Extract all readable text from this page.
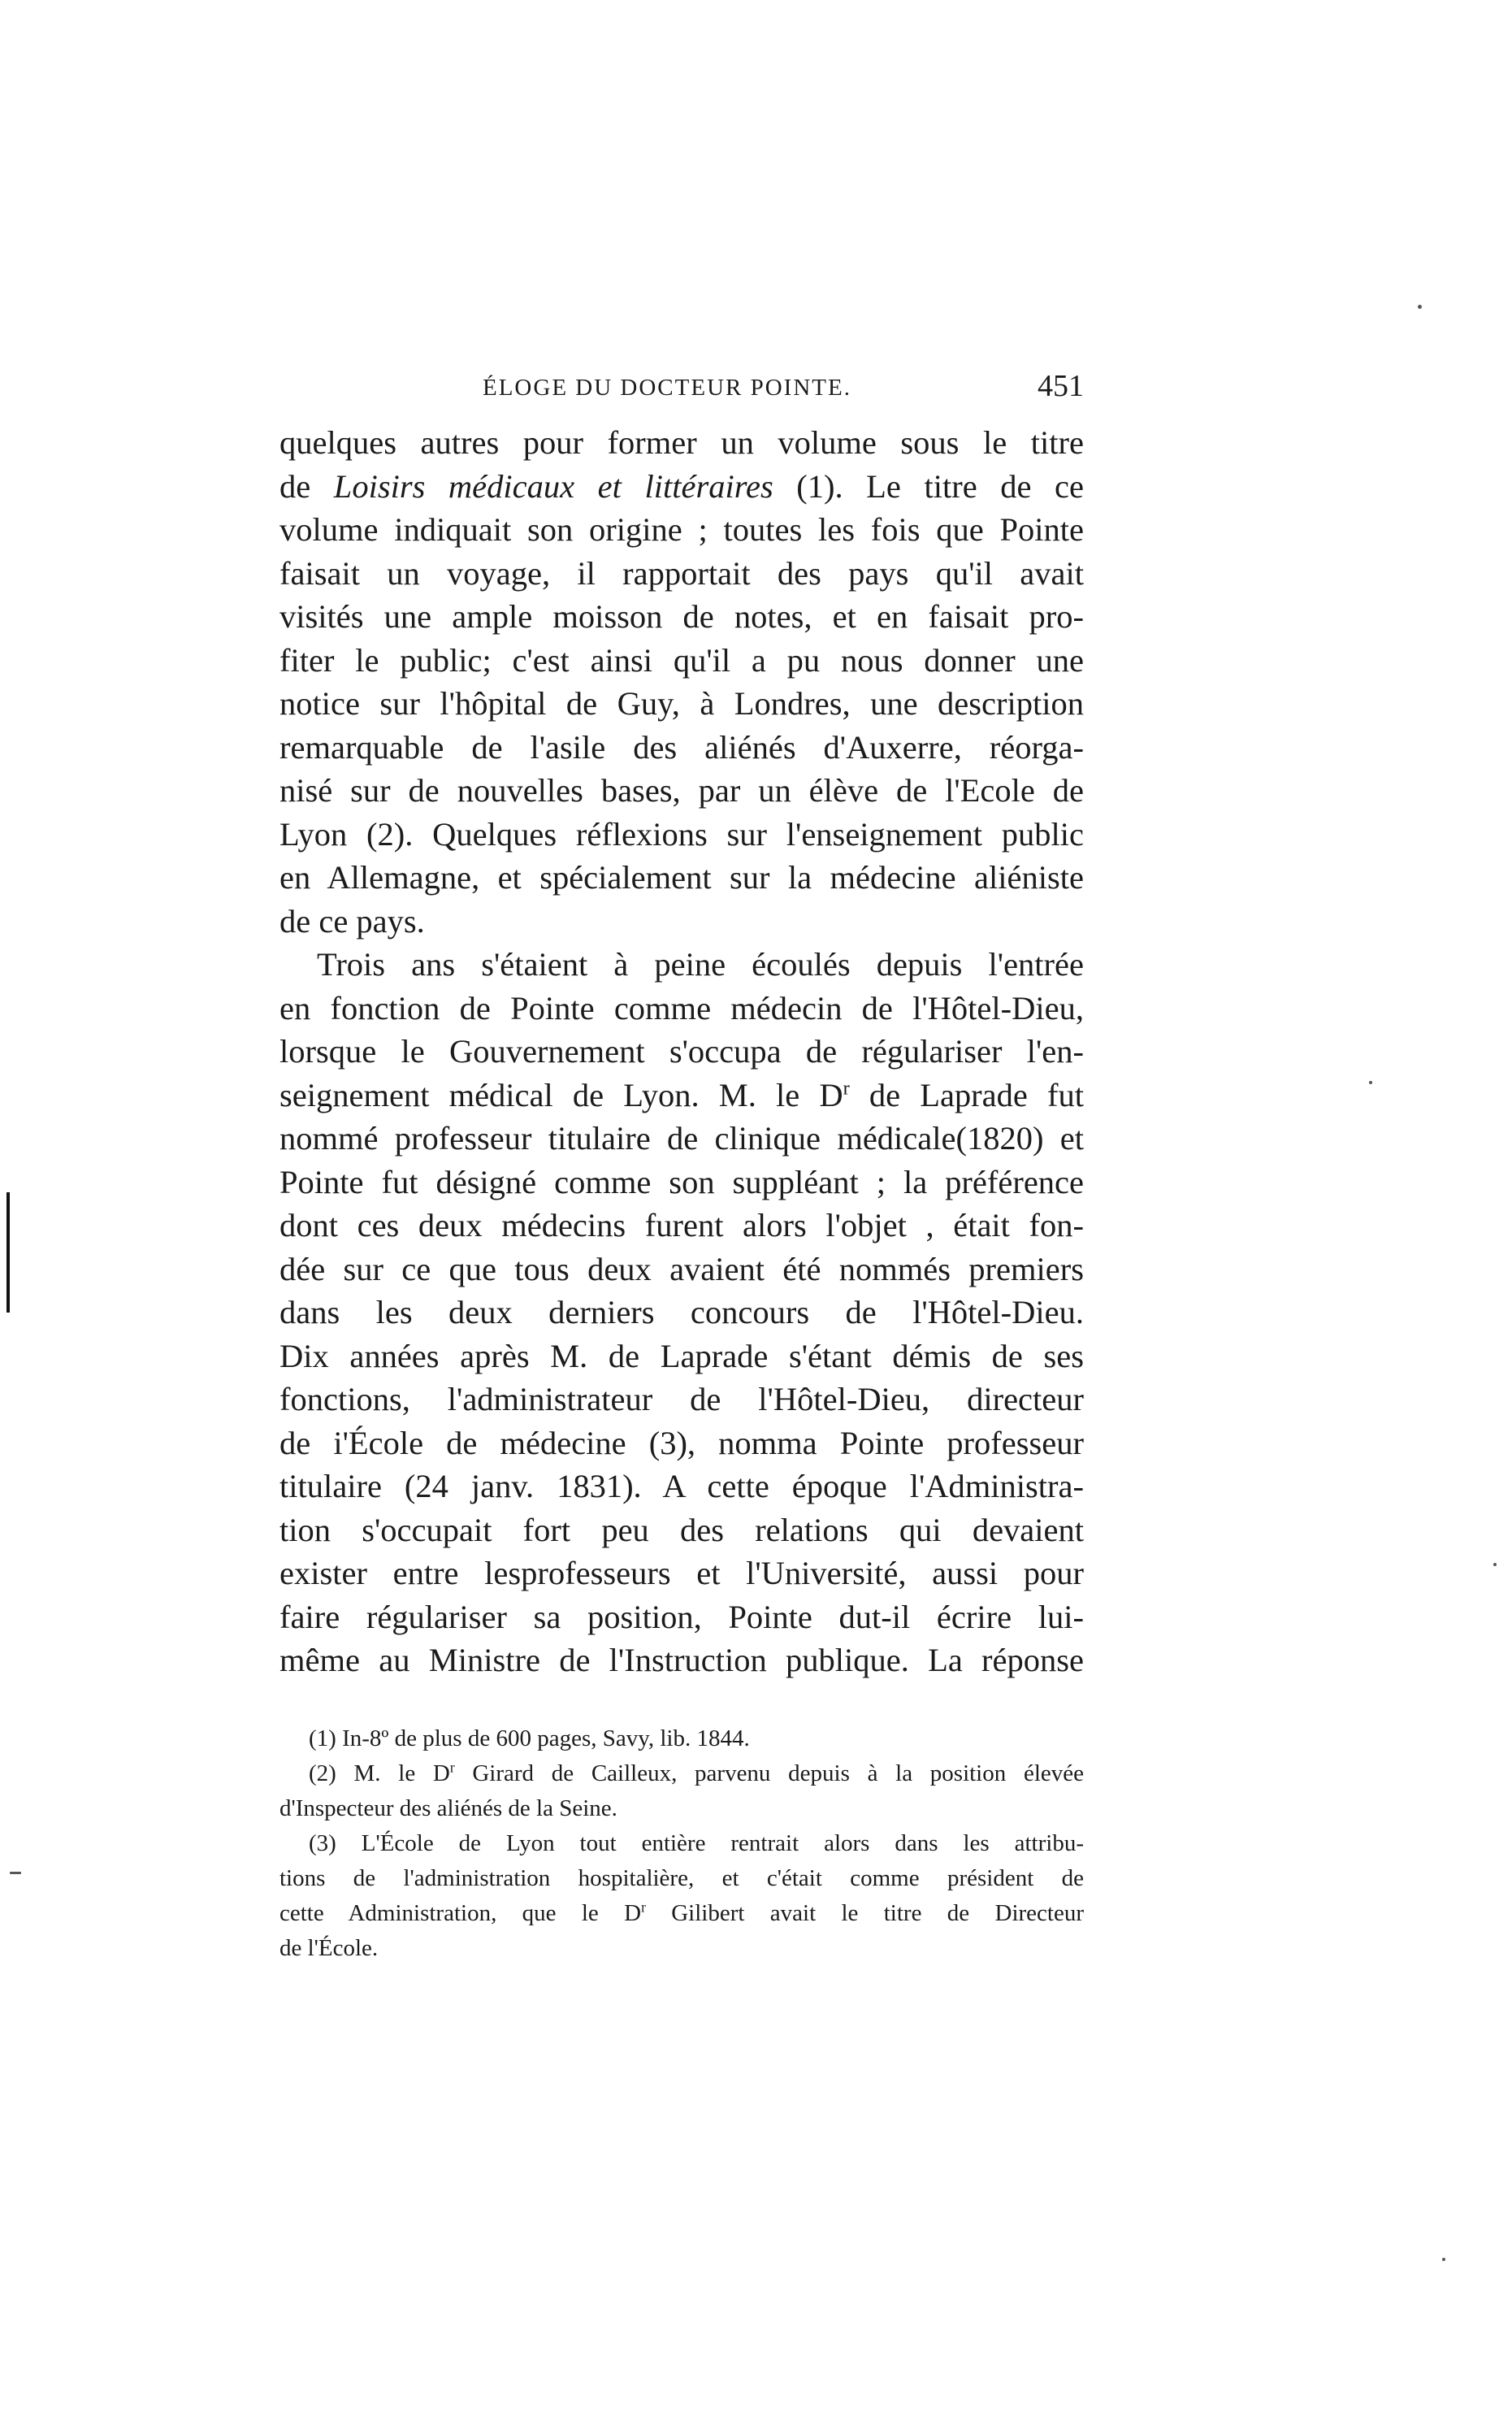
ÉLOGE DU DOCTEUR POINTE.	451
quelques autres pour former un volume sous le titre
de Loisirs médicaux et littéraires (1). Le titre de ce
volume indiquait son origine ; toutes les fois que Pointe
faisait un voyage, il rapportait des pays qu'il avait
visités une ample moisson de notes, et en faisait pro-
fiter le public; c'est ainsi qu'il a pu nous donner une
notice sur l'hôpital de Guy, à Londres, une description
remarquable de l'asile des aliénés d'Auxerre, réorga-
nisé sur de nouvelles bases, par un élève de l'Ecole de
Lyon (2). Quelques réflexions sur l'enseignement public
en Allemagne, et spécialement sur la médecine aliéniste
de ce pays.
Trois ans s'étaient à peine écoulés depuis l'entrée
en fonction de Pointe comme médecin de l'Hôtel-Dieu,
lorsque le Gouvernement s'occupa de régulariser l'en-
seignement médical de Lyon. M. le $D^r$ de Laprade fut
nommé professeur titulaire de clinique médicale(1820) et
Pointe fut désigné comme son suppléant ; la préférence
dont ces deux médecins furent alors l'objet , était fon-
dée sur ce que tous deux avaient été nommés premiers
dans les deux derniers concours de l'Hôtel-Dieu.
Dix années après M. de Laprade s'étant démis de ses
fonctions, l'administrateur de l'Hôtel-Dieu, directeur
de i'École de médecine (3), nomma Pointe professeur
titulaire (24 janv. 1831). A cette époque l'Administra-
tion s'occupait fort peu des relations qui devaient
exister entre lesprofesseurs et l'Université, aussi pour
faire régulariser sa position, Pointe dut-il écrire lui-
même au Ministre de l'Instruction publique. La réponse
(1) In-8º de plus de 600 pages, Savy, lib. 1844.
(2) M. le $D^r$ Girard de Cailleux, parvenu depuis à la position élevée
d'Inspecteur des aliénés de la Seine.
(3) L'École de Lyon tout entière rentrait alors dans les attribu-
tions de l'administration hospitalière, et c'était comme président de
cette Administration, que le $D^r$ Gilibert avait le titre de Directeur
de l'École.
